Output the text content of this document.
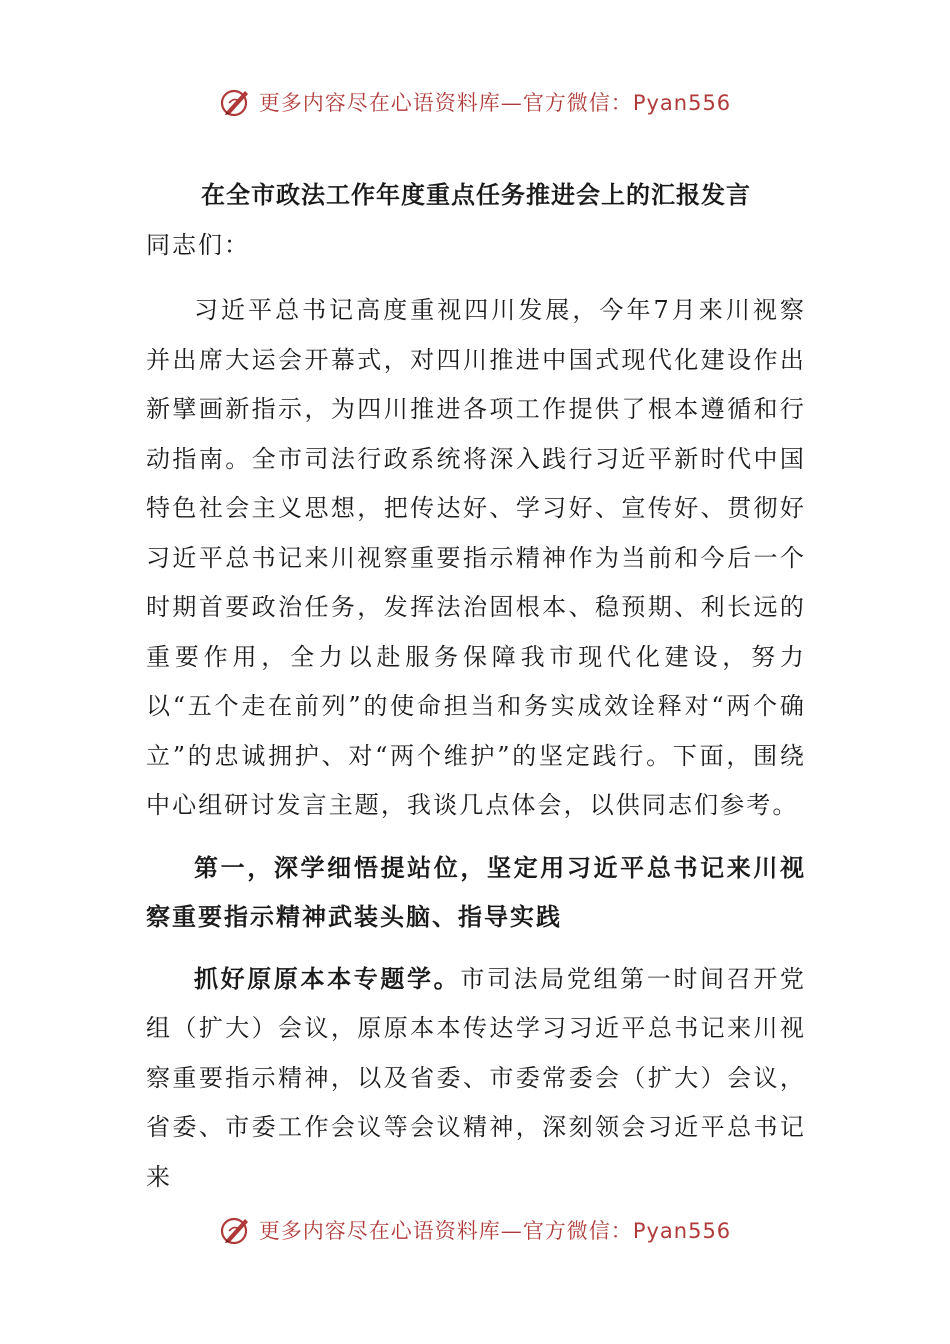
更多内容尽在心语资料库—官方微信：Pyan556
在全市政法工作年度重点任务推进会上的汇报发言
同志们：

习近平总书记高度重视四川发展，今年7月来川视察并出席大运会开幕式，对四川推进中国式现代化建设作出新擘画新指示，为四川推进各项工作提供了根本遵循和行动指南。全市司法行政系统将深入践行习近平新时代中国特色社会主义思想，把传达好、学习好、宣传好、贯彻好习近平总书记来川视察重要指示精神作为当前和今后一个时期首要政治任务，发挥法治固根本、稳预期、利长远的重要作用，全力以赴服务保障我市现代化建设，努力以“五个走在前列”的使命担当和务实成效诠释对“两个确立”的忠诚拥护、对“两个维护”的坚定践行。下面，围绕中心组研讨发言主题，我谈几点体会，以供同志们参考。

第一，深学细悟提站位，坚定用习近平总书记来川视察重要指示精神武装头脑、指导实践

抓好原原本本专题学。市司法局党组第一时间召开党组（扩大）会议，原原本本传达学习习近平总书记来川视察重要指示精神，以及省委、市委常委会（扩大）会议，省委、市委工作会议等会议精神，深刻领会习近平总书记来

更多内容尽在心语资料库—官方微信：Pyan556
